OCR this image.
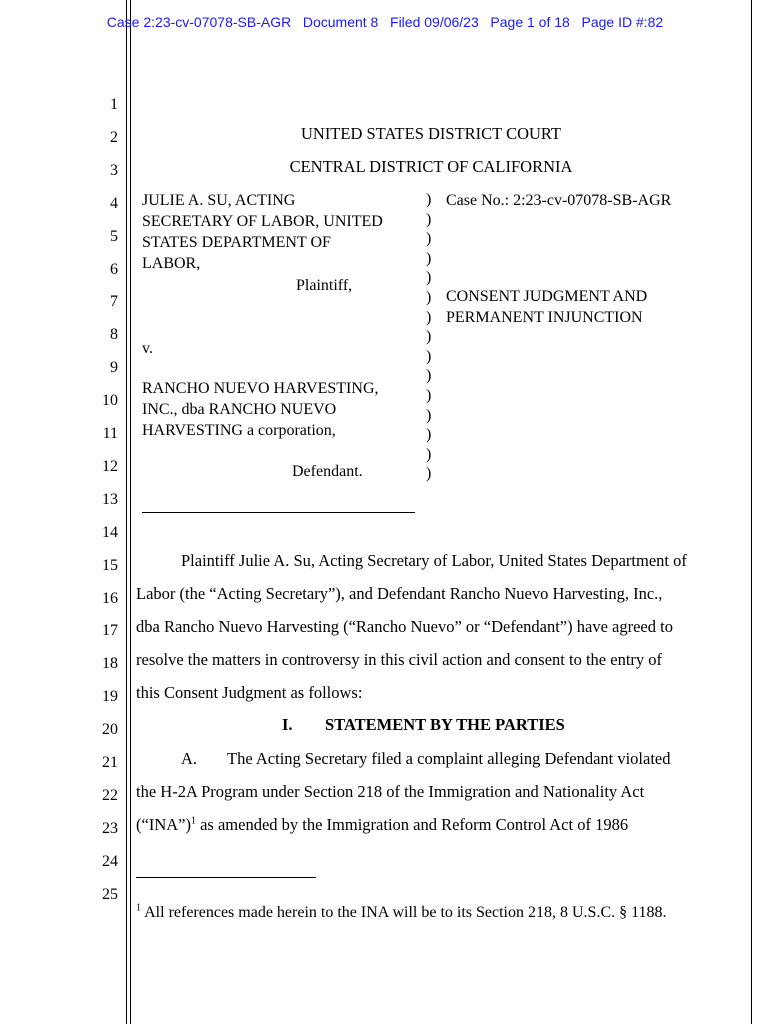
Case 2:23-cv-07078-SB-AGR   Document 8   Filed 09/06/23   Page 1 of 18   Page ID #:82
1
2
3
4
5
6
7
8
9
10
11
12
13
14
15
16
17
18
19
20
21
22
23
24
25
UNITED STATES DISTRICT COURT
CENTRAL DISTRICT OF CALIFORNIA
JULIE A. SU, ACTING
SECRETARY OF LABOR, UNITED
STATES DEPARTMENT OF
LABOR,
Plaintiff,
v.
RANCHO NUEVO HARVESTING,
INC., dba RANCHO NUEVO
HARVESTING a corporation,
Defendant.
)
)
)
)
)
)
)
)
)
)
)
)
)
)
)
Case No.: 2:23-cv-07078-SB-AGR
CONSENT JUDGMENT AND
PERMANENT INJUNCTION
Plaintiff Julie A. Su, Acting Secretary of Labor, United States Department of
Labor (the “Acting Secretary”), and Defendant Rancho Nuevo Harvesting, Inc.,
dba Rancho Nuevo Harvesting (“Rancho Nuevo” or “Defendant”) have agreed to
resolve the matters in controversy in this civil action and consent to the entry of
this Consent Judgment as follows:
I. STATEMENT BY THE PARTIES
A. The Acting Secretary filed a complaint alleging Defendant violated
the H-2A Program under Section 218 of the Immigration and Nationality Act
(“INA”)$^1$ as amended by the Immigration and Reform Control Act of 1986
$^1$ All references made herein to the INA will be to its Section 218, 8 U.S.C. § 1188.
